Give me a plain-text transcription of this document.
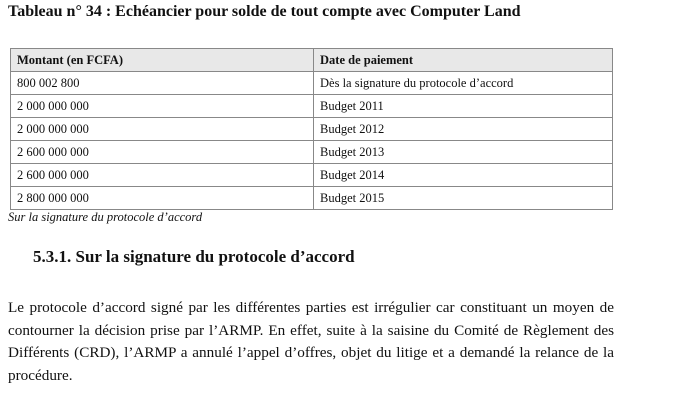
Tableau n° 34 : Echéancier pour solde de tout compte avec Computer Land
Montant (en FCFA)	Date de paiement
800 002 800	Dès la signature du protocole d’accord
2 000 000 000	Budget 2011
2 000 000 000	Budget 2012
2 600 000 000	Budget 2013
2 600 000 000	Budget 2014
2 800 000 000	Budget 2015
Sur la signature du protocole d’accord
5.3.1. Sur la signature du protocole d’accord

Le protocole d’accord signé par les différentes parties est irrégulier car constituant un moyen de contourner la décision prise par l’ARMP. En effet, suite à la saisine du Comité de Règlement des Différents (CRD), l’ARMP a annulé l’appel d’offres, objet du litige et a demandé la relance de la procédure.
